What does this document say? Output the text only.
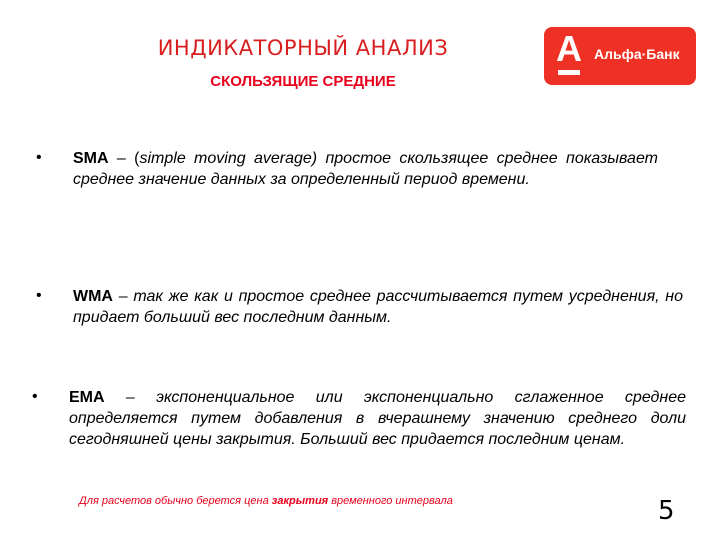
ИНДИКАТОРНЫЙ АНАЛИЗ
СКОЛЬЗЯЩИЕ СРЕДНИЕ
А Альфа·Банк
• SMA – (simple moving average) простое скользящее среднее показывает среднее значение данных за определенный период времени.
• WMA – так же как и простое среднее рассчитывается путем усреднения, но придает больший вес последним данным.
• ЕМА – экспоненциальное или экспоненциально сглаженное среднее определяется путем добавления в вчерашнему значению среднего доли сегодняшней цены закрытия. Больший вес придается последним ценам.
Для расчетов обычно берется цена закрытия временного интервала	5
